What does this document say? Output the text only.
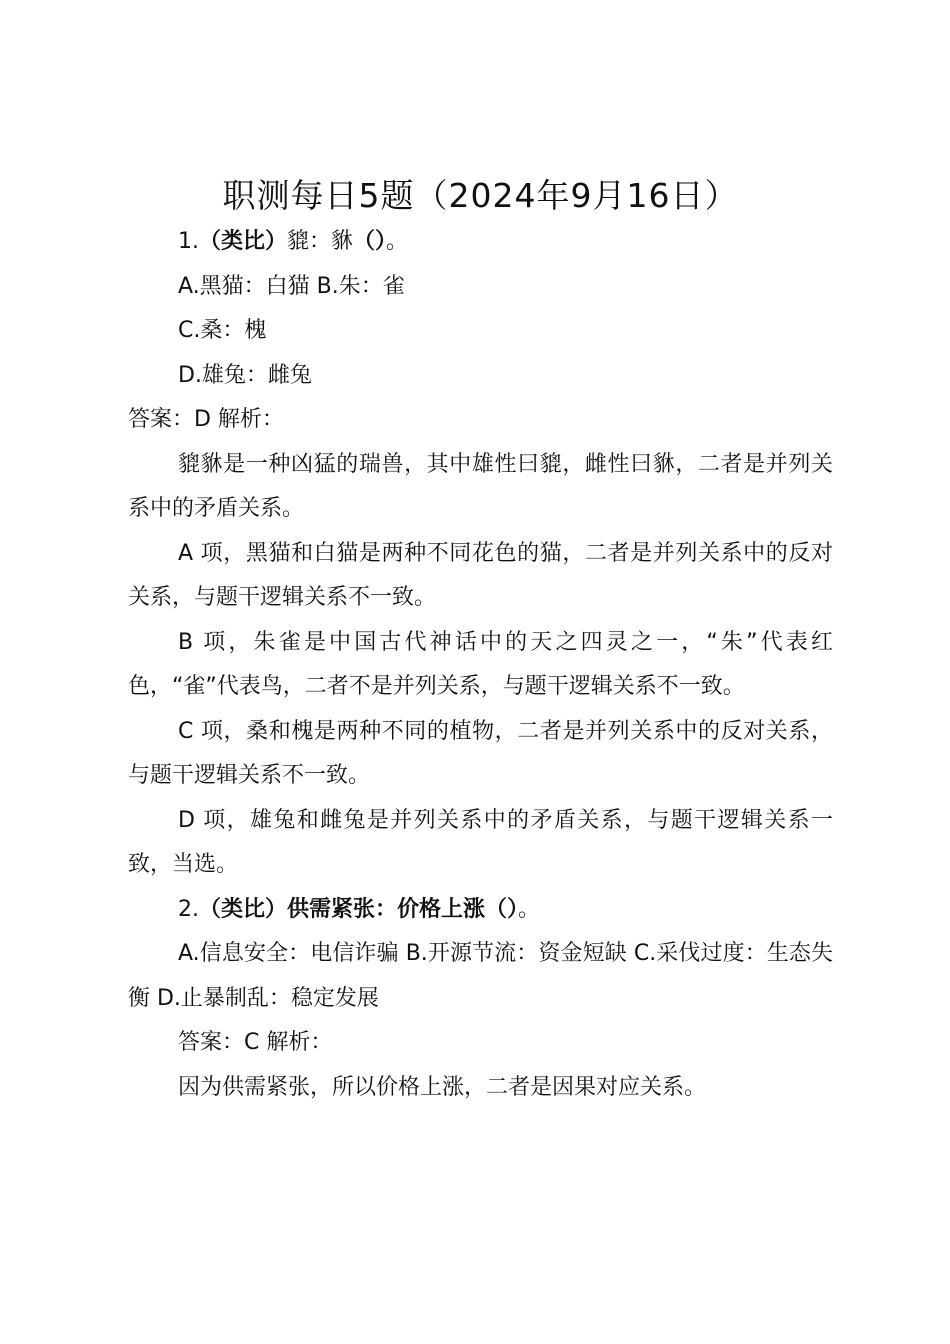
职测每日5题（2024年9月16日）
1.（类比）貔：貅（）。
A.黑猫：白猫 B.朱：雀
C.桑：槐
D.雄兔：雌兔
答案：D 解析：
貔貅是一种凶猛的瑞兽，其中雄性曰貔，雌性曰貅，二者是并列关系中的矛盾关系。
A 项，黑猫和白猫是两种不同花色的猫，二者是并列关系中的反对关系，与题干逻辑关系不一致。
B 项，朱雀是中国古代神话中的天之四灵之一，“朱”代表红色，“雀”代表鸟，二者不是并列关系，与题干逻辑关系不一致。
C 项，桑和槐是两种不同的植物，二者是并列关系中的反对关系，与题干逻辑关系不一致。
D 项，雄兔和雌兔是并列关系中的矛盾关系，与题干逻辑关系一致，当选。
2.（类比）供需紧张：价格上涨（）。
A.信息安全：电信诈骗 B.开源节流：资金短缺 C.采伐过度：生态失衡 D.止暴制乱：稳定发展
答案：C 解析：
因为供需紧张，所以价格上涨，二者是因果对应关系。
